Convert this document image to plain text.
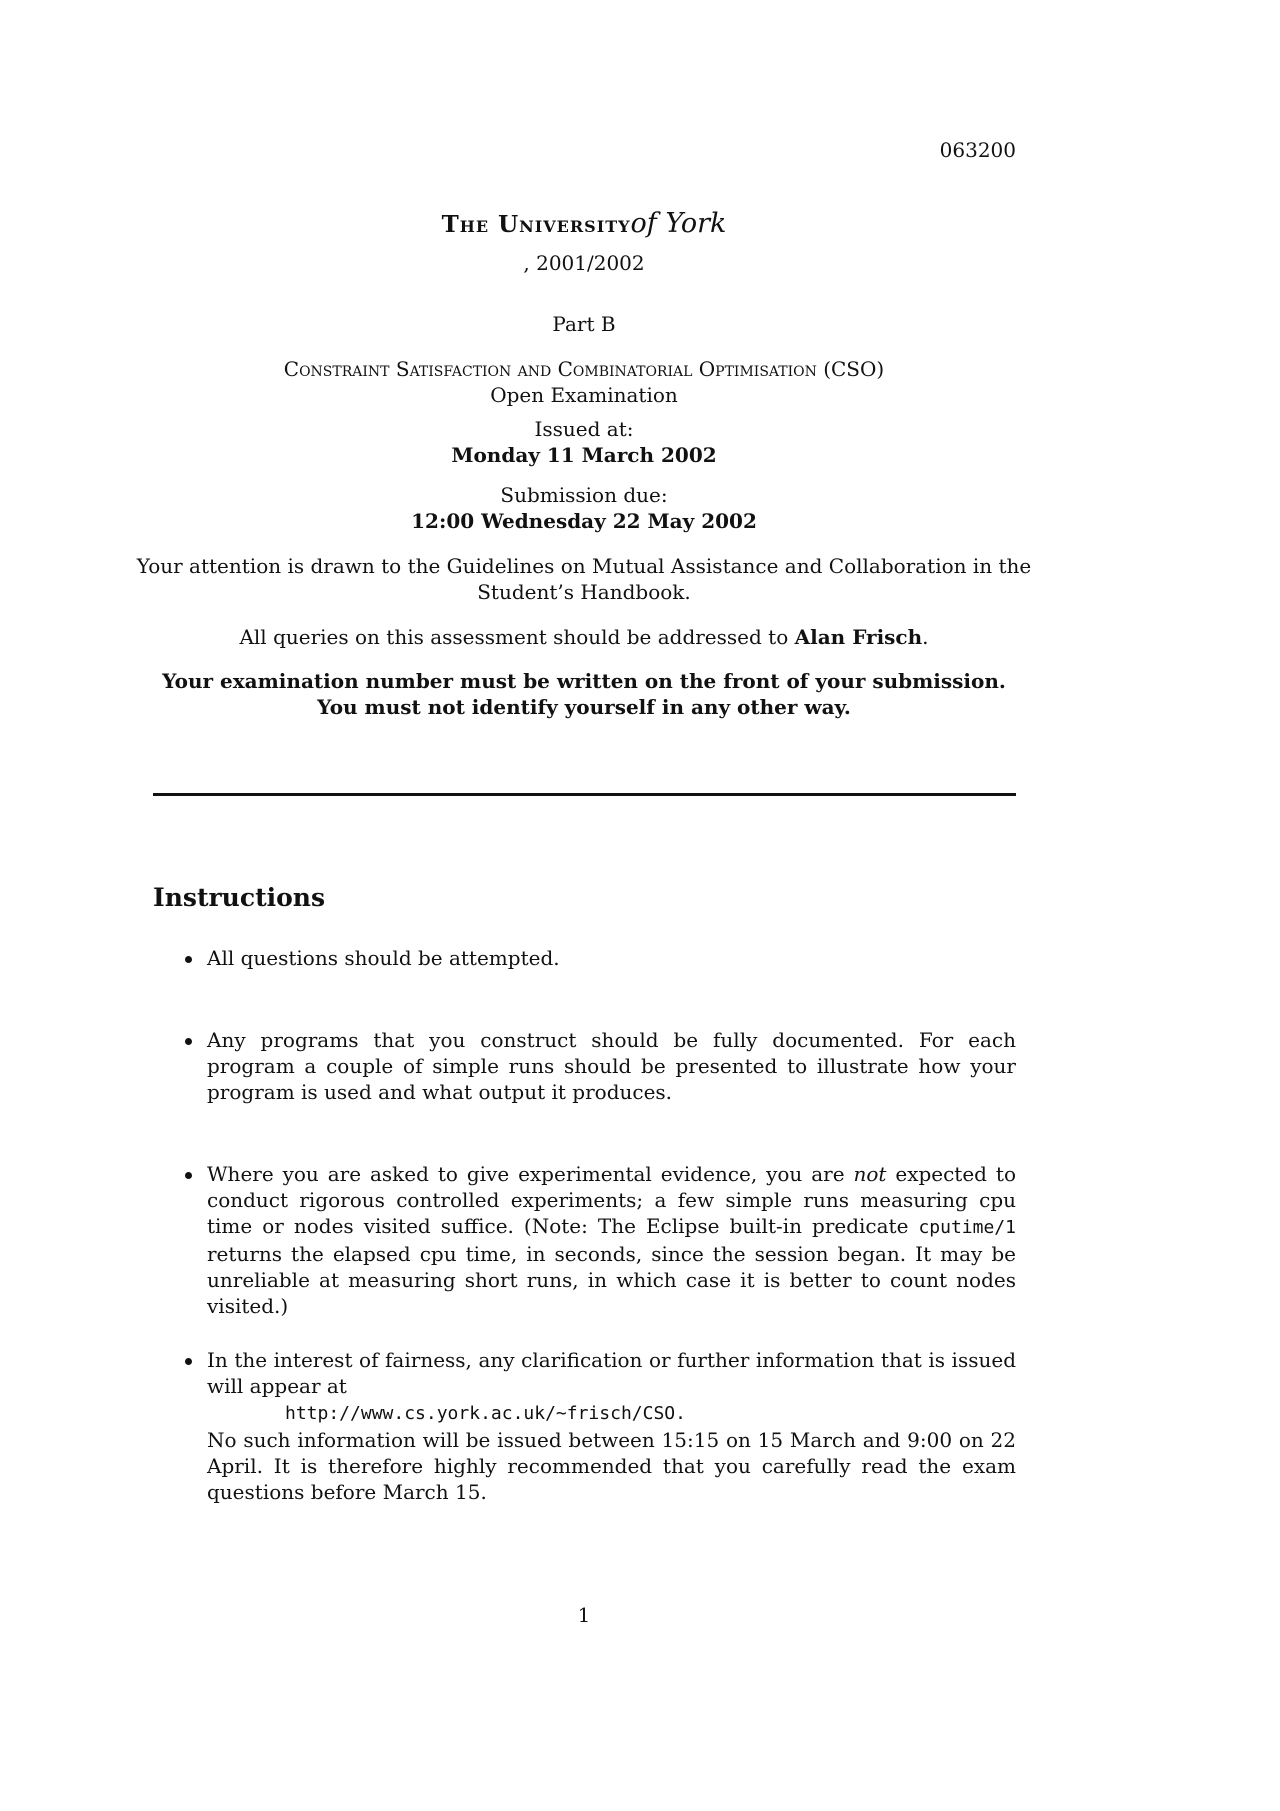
063200
The Universityof York
, 2001/2002
Part B
Constraint Satisfaction and Combinatorial Optimisation (CSO)
Open Examination
Issued at:
Monday 11 March 2002
Submission due:
12:00 Wednesday 22 May 2002
Your attention is drawn to the Guidelines on Mutual Assistance and Collaboration in the
Student’s Handbook.
All queries on this assessment should be addressed to Alan Frisch.
Your examination number must be written on the front of your submission.
You must not identify yourself in any other way.
Instructions
All questions should be attempted.
Any programs that you construct should be fully documented. For each program a couple of simple runs should be presented to illustrate how your program is used and what output it produces.
Where you are asked to give experimental evidence, you are not expected to conduct rigorous controlled experiments; a few simple runs measuring cpu time or nodes visited suffice. (Note: The Eclipse built-in predicate cputime/1 returns the elapsed cpu time, in seconds, since the session began. It may be unreliable at measuring short runs, in which case it is better to count nodes visited.)
In the interest of fairness, any clarification or further information that is issued will appear at
http://www.cs.york.ac.uk/~frisch/CSO.
No such information will be issued between 15:15 on 15 March and 9:00 on 22 April. It is therefore highly recommended that you carefully read the exam questions before March 15.
1
